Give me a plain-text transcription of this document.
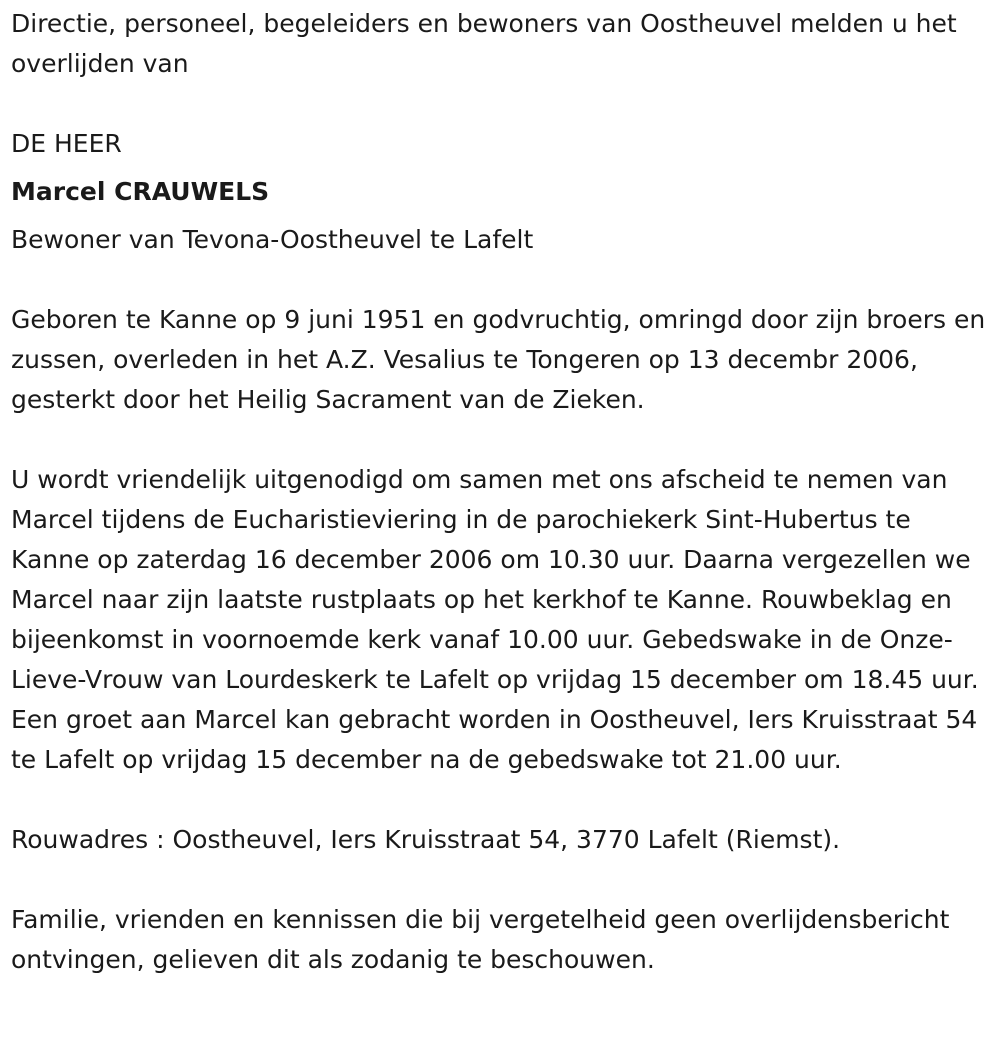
Directie, personeel, begeleiders en bewoners van Oostheuvel melden u het overlijden van

DE HEER

Marcel CRAUWELS

Bewoner van Tevona-Oostheuvel te Lafelt

Geboren te Kanne op 9 juni 1951 en godvruchtig, omringd door zijn broers en zussen, overleden in het A.Z. Vesalius te Tongeren op 13 decembr 2006, gesterkt door het Heilig Sacrament van de Zieken.

U wordt vriendelijk uitgenodigd om samen met ons afscheid te nemen van Marcel tijdens de Eucharistieviering in de parochiekerk Sint-Hubertus te Kanne op zaterdag 16 december 2006 om 10.30 uur. Daarna vergezellen we Marcel naar zijn laatste rustplaats op het kerkhof te Kanne. Rouwbeklag en bijeenkomst in voornoemde kerk vanaf 10.00 uur. Gebedswake in de Onze-Lieve-Vrouw van Lourdeskerk te Lafelt op vrijdag 15 december om 18.45 uur. Een groet aan Marcel kan gebracht worden in Oostheuvel, Iers Kruisstraat 54 te Lafelt op vrijdag 15 december na de gebedswake tot 21.00 uur.

Rouwadres : Oostheuvel, Iers Kruisstraat 54, 3770 Lafelt (Riemst).

Familie, vrienden en kennissen die bij vergetelheid geen overlijdensbericht ontvingen, gelieven dit als zodanig te beschouwen.
